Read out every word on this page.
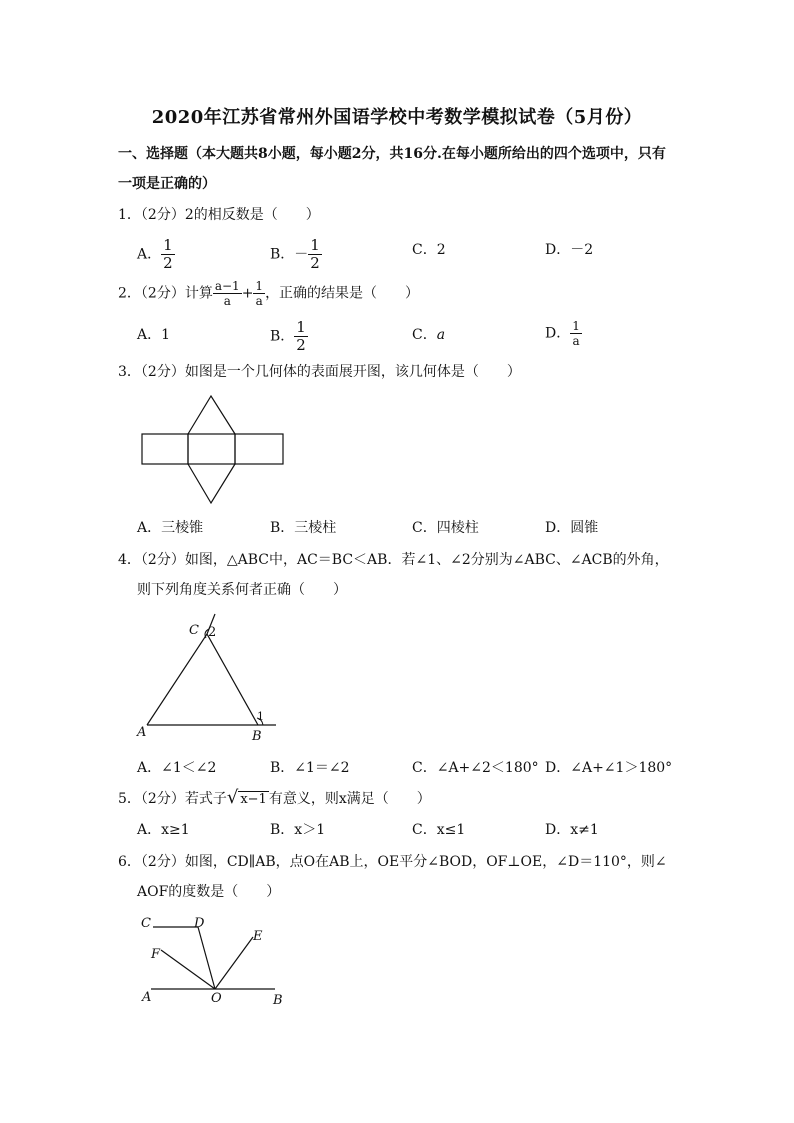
2020年江苏省常州外国语学校中考数学模拟试卷（5月份）
一、选择题（本大题共8小题，每小题2分，共16分.在每小题所给出的四个选项中，只有
一项是正确的）
1．（2分）2的相反数是（　　）
A． $\frac{1}{2}$	B．－ $\frac{1}{2}$	C．2	D．－2
2．（2分）计算 $\frac{a-1}{a} + \frac{1}{a}$ ，正确的结果是（　　）
A．1	B． $\frac{1}{2}$	C．a	D． $\frac{1}{a}$
3．（2分）如图是一个几何体的表面展开图，该几何体是（　　）
A．三棱锥	B．三棱柱	C．四棱柱	D．圆锥
4．（2分）如图，△ABC中，AC＝BC＜AB．若∠1、∠2分别为∠ABC、∠ACB的外角，
则下列角度关系何者正确（　　）
C 2
1
A	B
A．∠1＜∠2	B．∠1＝∠2	C．∠A+∠2＜180° D．∠A+∠1＞180°
5．（2分）若式子√ x−1 有意义，则x满足（　　）
A．x≥1	B．x＞1	C．x≤1	D．x≠1
6．（2分）如图，CD∥AB，点O在AB上，OE平分∠BOD，OF⊥OE，∠D＝110°，则∠
AOF的度数是（　　）
C	D
E
F
A	O	B
